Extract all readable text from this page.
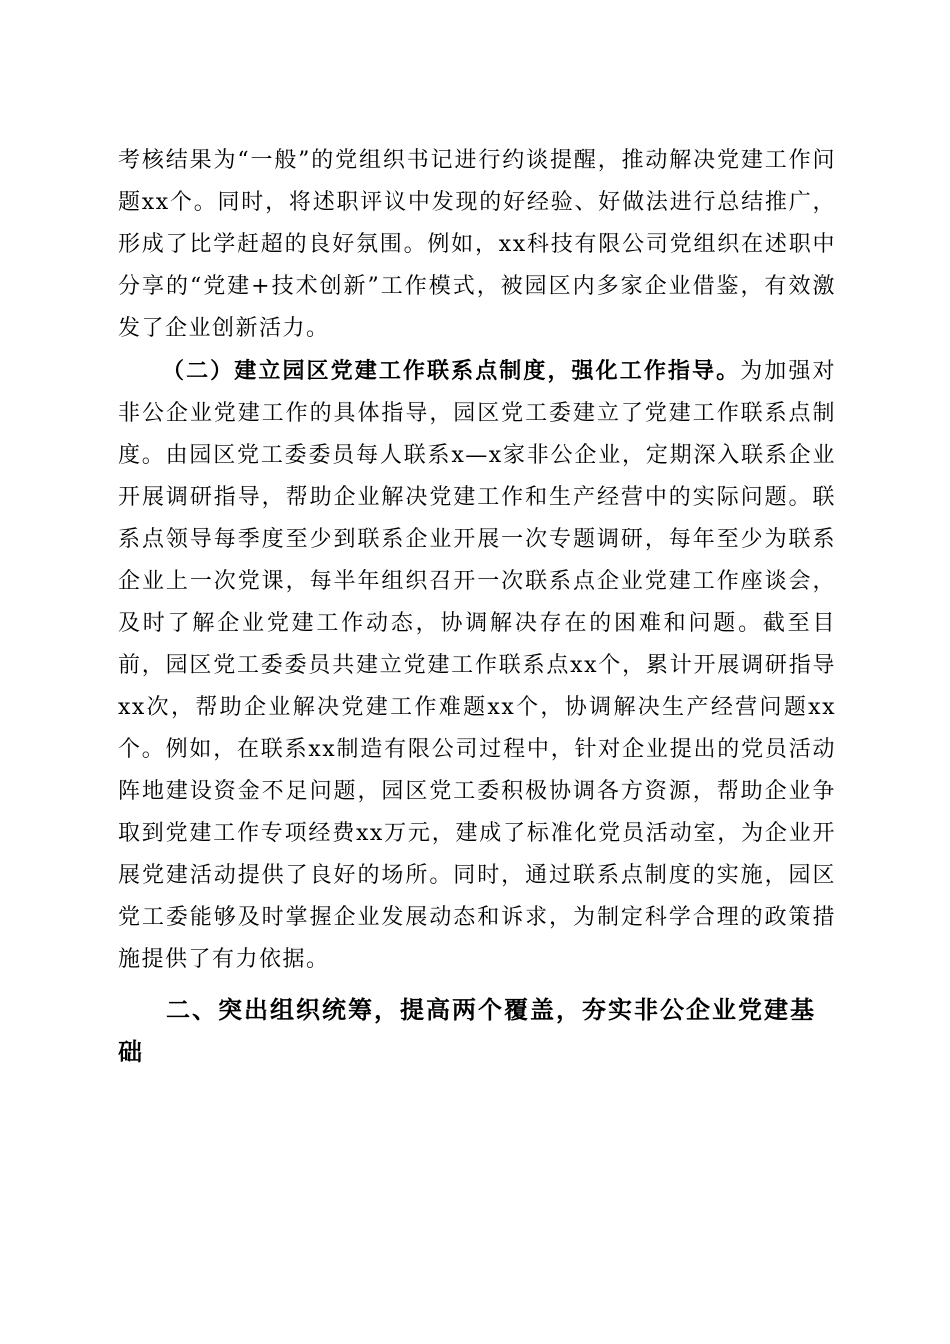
考核结果为“一般”的党组织书记进行约谈提醒，推动解决党建工作问题xx个。同时，将述职评议中发现的好经验、好做法进行总结推广，形成了比学赶超的良好氛围。例如，xx科技有限公司党组织在述职中分享的“党建+技术创新”工作模式，被园区内多家企业借鉴，有效激发了企业创新活力。

（二）建立园区党建工作联系点制度，强化工作指导。为加强对非公企业党建工作的具体指导，园区党工委建立了党建工作联系点制度。由园区党工委委员每人联系x—x家非公企业，定期深入联系企业开展调研指导，帮助企业解决党建工作和生产经营中的实际问题。联系点领导每季度至少到联系企业开展一次专题调研，每年至少为联系企业上一次党课，每半年组织召开一次联系点企业党建工作座谈会，及时了解企业党建工作动态，协调解决存在的困难和问题。截至目前，园区党工委委员共建立党建工作联系点xx个，累计开展调研指导xx次，帮助企业解决党建工作难题xx个，协调解决生产经营问题xx个。例如，在联系xx制造有限公司过程中，针对企业提出的党员活动阵地建设资金不足问题，园区党工委积极协调各方资源，帮助企业争取到党建工作专项经费xx万元，建成了标准化党员活动室，为企业开展党建活动提供了良好的场所。同时，通过联系点制度的实施，园区党工委能够及时掌握企业发展动态和诉求，为制定科学合理的政策措施提供了有力依据。

二、突出组织统筹，提高两个覆盖，夯实非公企业党建基础
